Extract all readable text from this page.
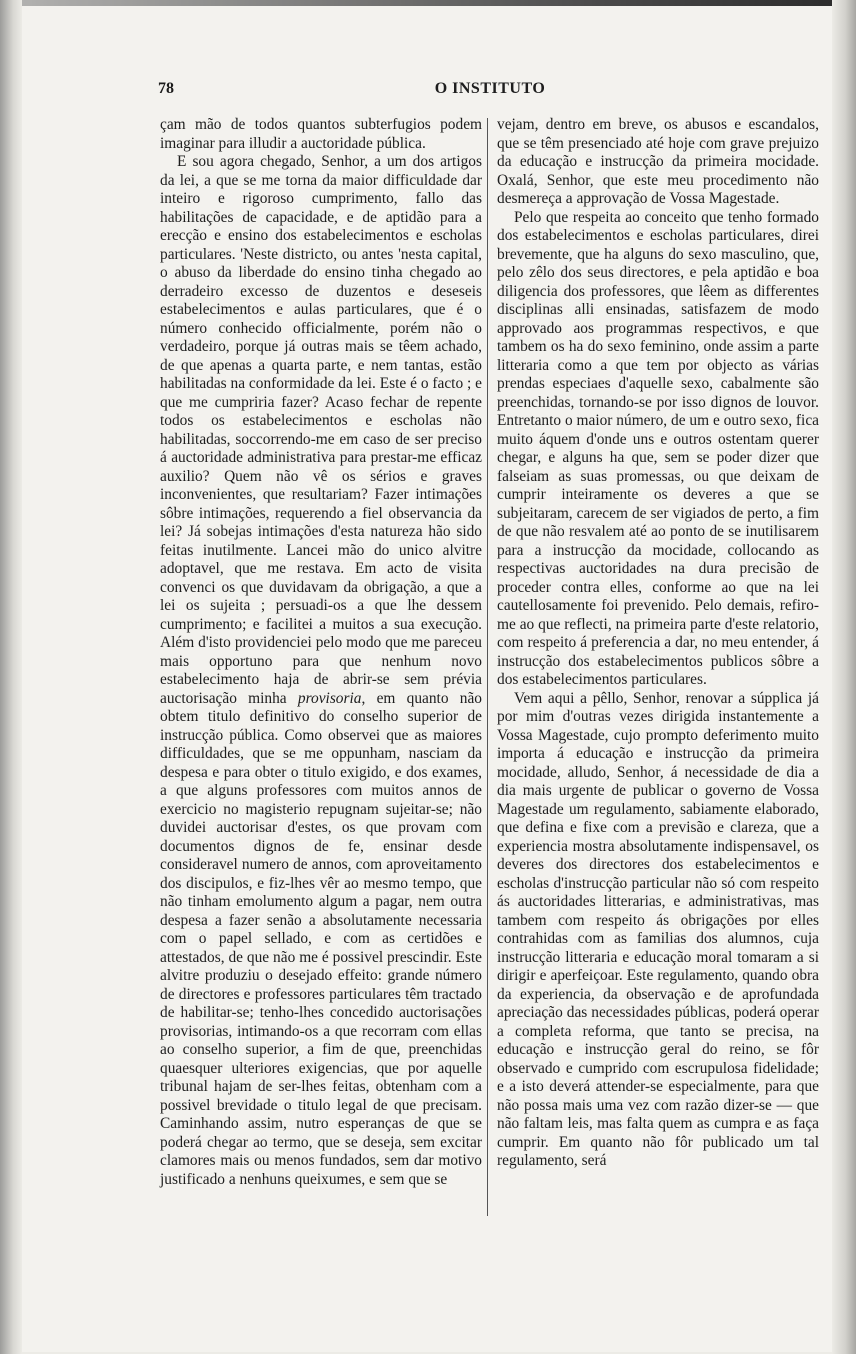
78	O INSTITUTO

çam mão de todos quantos subterfugios podem imaginar para illudir a auctoridade pública.

E sou agora chegado, Senhor, a um dos artigos da lei, a que se me torna da maior difficuldade dar inteiro e rigoroso cumprimento, fallo das habilitações de capacidade, e de aptidão para a erecção e ensino dos estabelecimentos e escholas particulares. 'Neste districto, ou antes 'nesta capital, o abuso da liberdade do ensino tinha chegado ao derradeiro excesso de duzentos e deseseis estabelecimentos e aulas particulares, que é o número conhecido officialmente, porém não o verdadeiro, porque já outras mais se têem achado, de que apenas a quarta parte, e nem tantas, estão habilitadas na conformidade da lei. Este é o facto ; e que me cumpriria fazer? Acaso fechar de repente todos os estabelecimentos e escholas não habilitadas, soccorrendo-me em caso de ser preciso á auctoridade administrativa para prestar-me efficaz auxilio? Quem não vê os sérios e graves inconvenientes, que resultariam? Fazer intimações sôbre intimações, requerendo a fiel observancia da lei? Já sobejas intimações d'esta natureza hão sido feitas inutilmente. Lancei mão do unico alvitre adoptavel, que me restava. Em acto de visita convenci os que duvidavam da obrigação, a que a lei os sujeita ; persuadi-os a que lhe dessem cumprimento; e facilitei a muitos a sua execução. Além d'isto providenciei pelo modo que me pareceu mais opportuno para que nenhum novo estabelecimento haja de abrir-se sem prévia auctorisação minha provisoria, em quanto não obtem titulo definitivo do conselho superior de instrucção pública. Como observei que as maiores difficuldades, que se me oppunham, nasciam da despesa e para obter o titulo exigido, e dos exames, a que alguns professores com muitos annos de exercicio no magisterio repugnam sujeitar-se; não duvidei auctorisar d'estes, os que provam com documentos dignos de fe, ensinar desde consideravel numero de annos, com aproveitamento dos discipulos, e fiz-lhes vêr ao mesmo tempo, que não tinham emolumento algum a pagar, nem outra despesa a fazer senão a absolutamente necessaria com o papel sellado, e com as certidões e attestados, de que não me é possivel prescindir. Este alvitre produziu o desejado effeito: grande número de directores e professores particulares têm tractado de habilitar-se; tenho-lhes concedido auctorisações provisorias, intimando-os a que recorram com ellas ao conselho superior, a fim de que, preenchidas quaesquer ulteriores exigencias, que por aquelle tribunal hajam de ser-lhes feitas, obtenham com a possivel brevidade o titulo legal de que precisam. Caminhando assim, nutro esperanças de que se poderá chegar ao termo, que se deseja, sem excitar clamores mais ou menos fundados, sem dar motivo justificado a nenhuns queixumes, e sem que se

vejam, dentro em breve, os abusos e escandalos, que se têm presenciado até hoje com grave prejuizo da educação e instrucção da primeira mocidade. Oxalá, Senhor, que este meu procedimento não desmereça a approvação de Vossa Magestade.

Pelo que respeita ao conceito que tenho formado dos estabelecimentos e escholas particulares, direi brevemente, que ha alguns do sexo masculino, que, pelo zêlo dos seus directores, e pela aptidão e boa diligencia dos professores, que lêem as differentes disciplinas alli ensinadas, satisfazem de modo approvado aos programmas respectivos, e que tambem os ha do sexo feminino, onde assim a parte litteraria como a que tem por objecto as várias prendas especiaes d'aquelle sexo, cabalmente são preenchidas, tornando-se por isso dignos de louvor. Entretanto o maior número, de um e outro sexo, fica muito áquem d'onde uns e outros ostentam querer chegar, e alguns ha que, sem se poder dizer que falseiam as suas promessas, ou que deixam de cumprir inteiramente os deveres a que se subjeitaram, carecem de ser vigiados de perto, a fim de que não resvalem até ao ponto de se inutilisarem para a instrucção da mocidade, collocando as respectivas auctoridades na dura precisão de proceder contra elles, conforme ao que na lei cautellosamente foi prevenido. Pelo demais, refiro-me ao que reflecti, na primeira parte d'este relatorio, com respeito á preferencia a dar, no meu entender, á instrucção dos estabelecimentos publicos sôbre a dos estabelecimentos particulares.

Vem aqui a pêllo, Senhor, renovar a súpplica já por mim d'outras vezes dirigida instantemente a Vossa Magestade, cujo prompto deferimento muito importa á educação e instrucção da primeira mocidade, alludo, Senhor, á necessidade de dia a dia mais urgente de publicar o governo de Vossa Magestade um regulamento, sabiamente elaborado, que defina e fixe com a previsão e clareza, que a experiencia mostra absolutamente indispensavel, os deveres dos directores dos estabelecimentos e escholas d'instrucção particular não só com respeito ás auctoridades litterarias, e administrativas, mas tambem com respeito ás obrigações por elles contrahidas com as familias dos alumnos, cuja instrucção litteraria e educação moral tomaram a si dirigir e aperfeiçoar. Este regulamento, quando obra da experiencia, da observação e de aprofundada apreciação das necessidades públicas, poderá operar a completa reforma, que tanto se precisa, na educação e instrucção geral do reino, se fôr observado e cumprido com escrupulosa fidelidade; e a isto deverá attender-se especialmente, para que não possa mais uma vez com razão dizer-se — que não faltam leis, mas falta quem as cumpra e as faça cumprir. Em quanto não fôr publicado um tal regulamento, será
